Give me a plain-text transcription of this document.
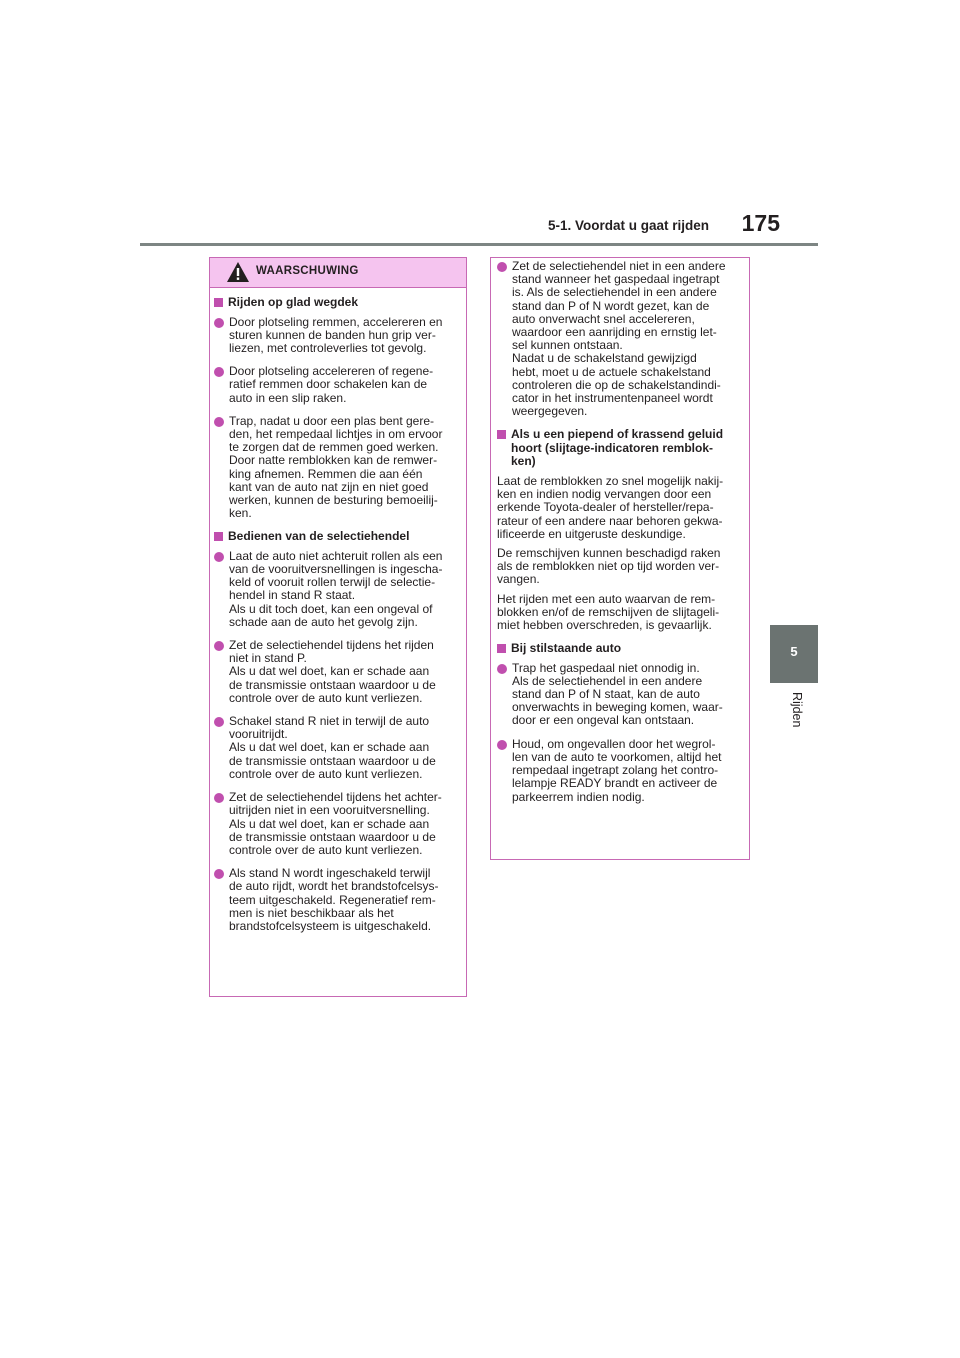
5-1. Voordat u gaat rijden	175
5
Rijden
WAARSCHUWING
Rijden op glad wegdek
Door plotseling remmen, accelereren en
sturen kunnen de banden hun grip ver-
liezen, met controleverlies tot gevolg.
Door plotseling accelereren of regene-
ratief remmen door schakelen kan de
auto in een slip raken.
Trap, nadat u door een plas bent gere-
den, het rempedaal lichtjes in om ervoor
te zorgen dat de remmen goed werken.
Door natte remblokken kan de remwer-
king afnemen. Remmen die aan één
kant van de auto nat zijn en niet goed
werken, kunnen de besturing bemoeilij-
ken.
Bedienen van de selectiehendel
Laat de auto niet achteruit rollen als een
van de vooruitversnellingen is ingescha-
keld of vooruit rollen terwijl de selectie-
hendel in stand R staat.
Als u dit toch doet, kan een ongeval of
schade aan de auto het gevolg zijn.
Zet de selectiehendel tijdens het rijden
niet in stand P.
Als u dat wel doet, kan er schade aan
de transmissie ontstaan waardoor u de
controle over de auto kunt verliezen.
Schakel stand R niet in terwijl de auto
vooruitrijdt.
Als u dat wel doet, kan er schade aan
de transmissie ontstaan waardoor u de
controle over de auto kunt verliezen.
Zet de selectiehendel tijdens het achter-
uitrijden niet in een vooruitversnelling.
Als u dat wel doet, kan er schade aan
de transmissie ontstaan waardoor u de
controle over de auto kunt verliezen.
Als stand N wordt ingeschakeld terwijl
de auto rijdt, wordt het brandstofcelsys-
teem uitgeschakeld. Regeneratief rem-
men is niet beschikbaar als het
brandstofcelsysteem is uitgeschakeld.
Zet de selectiehendel niet in een andere
stand wanneer het gaspedaal ingetrapt
is. Als de selectiehendel in een andere
stand dan P of N wordt gezet, kan de
auto onverwacht snel accelereren,
waardoor een aanrijding en ernstig let-
sel kunnen ontstaan.
Nadat u de schakelstand gewijzigd
hebt, moet u de actuele schakelstand
controleren die op de schakelstandindi-
cator in het instrumentenpaneel wordt
weergegeven.
Als u een piepend of krassend geluid
hoort (slijtage-indicatoren remblok-
ken)
Laat de remblokken zo snel mogelijk nakij-
ken en indien nodig vervangen door een
erkende Toyota-dealer of hersteller/repa-
rateur of een andere naar behoren gekwa-
lificeerde en uitgeruste deskundige.
De remschijven kunnen beschadigd raken
als de remblokken niet op tijd worden ver-
vangen.
Het rijden met een auto waarvan de rem-
blokken en/of de remschijven de slijtageli-
miet hebben overschreden, is gevaarlijk.
Bij stilstaande auto
Trap het gaspedaal niet onnodig in.
Als de selectiehendel in een andere
stand dan P of N staat, kan de auto
onverwachts in beweging komen, waar-
door er een ongeval kan ontstaan.
Houd, om ongevallen door het wegrol-
len van de auto te voorkomen, altijd het
rempedaal ingetrapt zolang het contro-
lelampje READY brandt en activeer de
parkeerrem indien nodig.
